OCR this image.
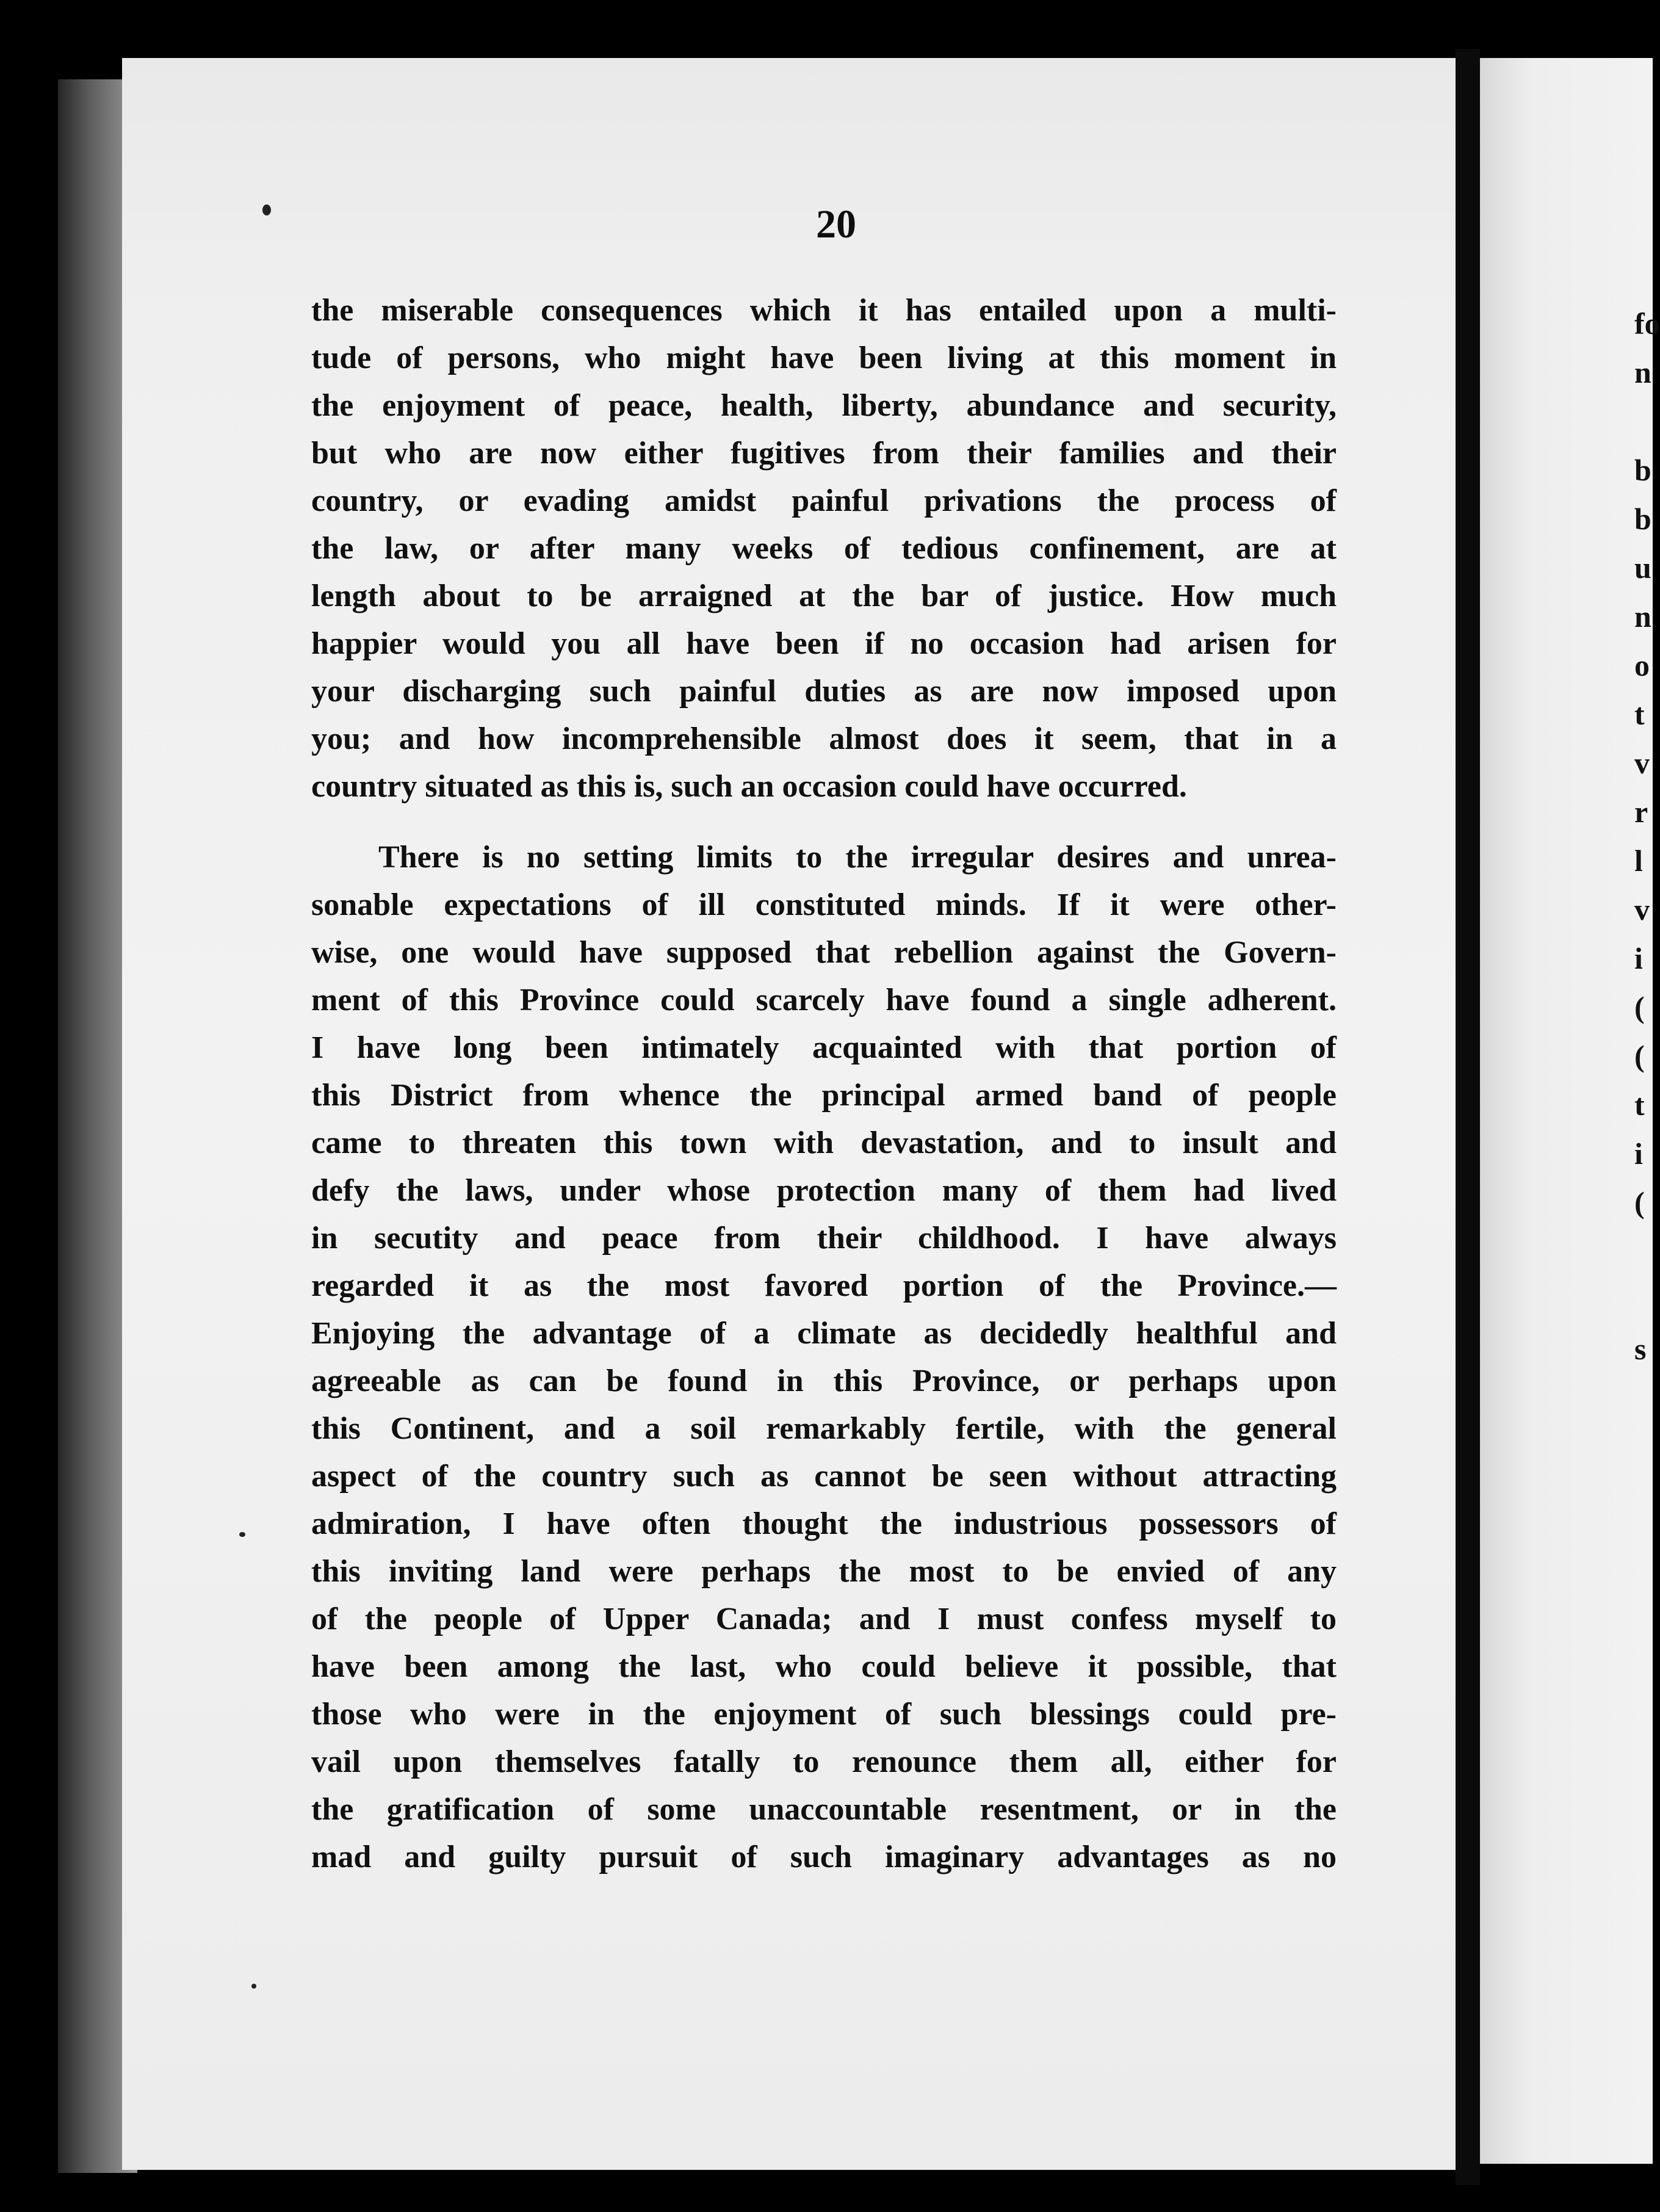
fo
n
b
b
u
n
o
t
v
r
l
v
i
(
(
t
i
(
s
20
the miserable consequences which it has entailed upon a multi-
tude of persons, who might have been living at this moment in
the enjoyment of peace, health, liberty, abundance and security,
but who are now either fugitives from their families and their
country, or evading amidst painful privations the process of
the law, or after many weeks of tedious confinement, are at
length about to be arraigned at the bar of justice. How much
happier would you all have been if no occasion had arisen for
your discharging such painful duties as are now imposed upon
you; and how incomprehensible almost does it seem, that in a
country situated as this is, such an occasion could have occurred.
There is no setting limits to the irregular desires and unrea-
sonable expectations of ill constituted minds. If it were other-
wise, one would have supposed that rebellion against the Govern-
ment of this Province could scarcely have found a single adherent.
I have long been intimately acquainted with that portion of
this District from whence the principal armed band of people
came to threaten this town with devastation, and to insult and
defy the laws, under whose protection many of them had lived
in secutity and peace from their childhood. I have always
regarded it as the most favored portion of the Province.—
Enjoying the advantage of a climate as decidedly healthful and
agreeable as can be found in this Province, or perhaps upon
this Continent, and a soil remarkably fertile, with the general
aspect of the country such as cannot be seen without attracting
admiration, I have often thought the industrious possessors of
this inviting land were perhaps the most to be envied of any
of the people of Upper Canada; and I must confess myself to
have been among the last, who could believe it possible, that
those who were in the enjoyment of such blessings could pre-
vail upon themselves fatally to renounce them all, either for
the gratification of some unaccountable resentment, or in the
mad and guilty pursuit of such imaginary advantages as no
